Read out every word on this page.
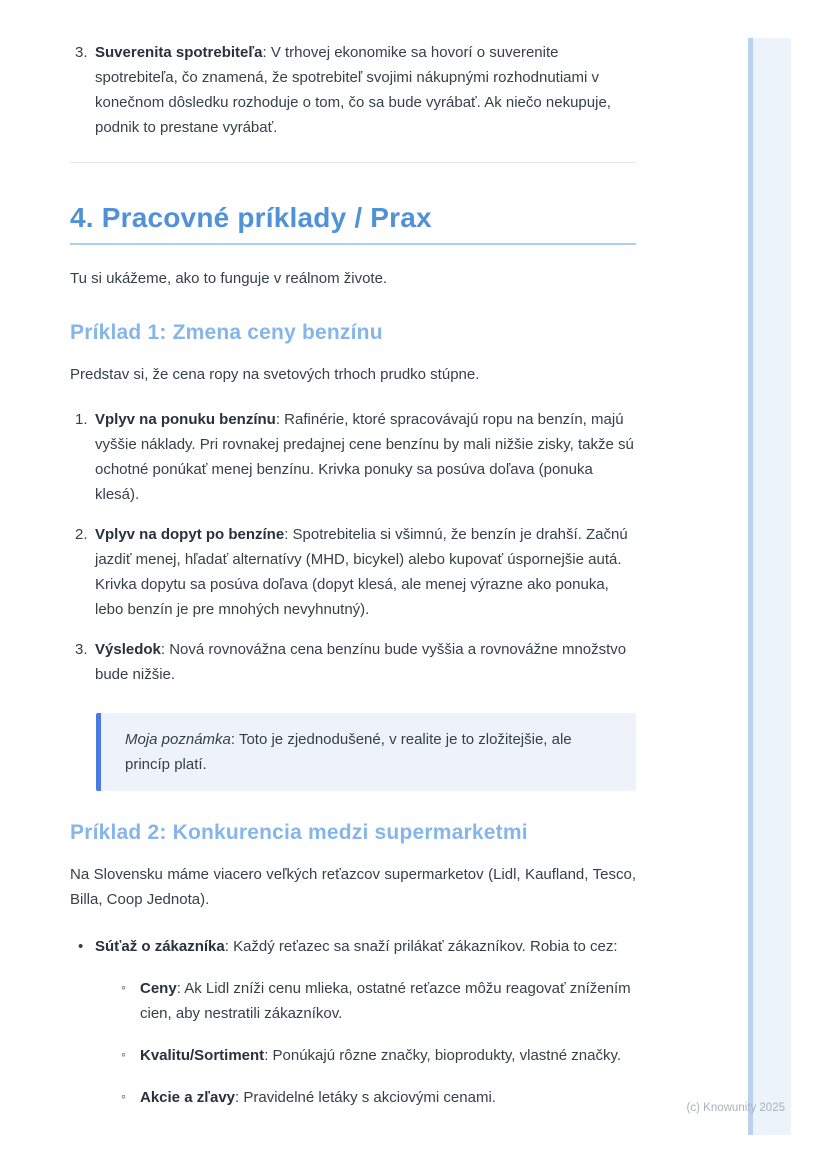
3. Suverenita spotrebiteľa: V trhovej ekonomike sa hovorí o suverenite spotrebiteľa, čo znamená, že spotrebiteľ svojimi nákupnými rozhodnutiami v konečnom dôsledku rozhoduje o tom, čo sa bude vyrábať. Ak niečo nekupuje, podnik to prestane vyrábať.
4. Pracovné príklady / Prax

Tu si ukážeme, ako to funguje v reálnom živote.

Príklad 1: Zmena ceny benzínu

Predstav si, že cena ropy na svetových trhoch prudko stúpne.

1. Vplyv na ponuku benzínu: Rafinérie, ktoré spracovávajú ropu na benzín, majú vyššie náklady. Pri rovnakej predajnej cene benzínu by mali nižšie zisky, takže sú ochotné ponúkať menej benzínu. Krivka ponuky sa posúva doľava (ponuka klesá).
2. Vplyv na dopyt po benzíne: Spotrebitelia si všimnú, že benzín je drahší. Začnú jazdiť menej, hľadať alternatívy (MHD, bicykel) alebo kupovať úspornejšie autá. Krivka dopytu sa posúva doľava (dopyt klesá, ale menej výrazne ako ponuka, lebo benzín je pre mnohých nevyhnutný).
3. Výsledok: Nová rovnovážna cena benzínu bude vyššia a rovnovážne množstvo bude nižšie.
Moja poznámka: Toto je zjednodušené, v realite je to zložitejšie, ale princíp platí.
Príklad 2: Konkurencia medzi supermarketmi

Na Slovensku máme viacero veľkých reťazcov supermarketov (Lidl, Kaufland, Tesco, Billa, Coop Jednota).

• Súťaž o zákazníka: Každý reťazec sa snaží prilákať zákazníkov. Robia to cez:
◦ Ceny: Ak Lidl zníži cenu mlieka, ostatné reťazce môžu reagovať znížením cien, aby nestratili zákazníkov.
◦ Kvalitu/Sortiment: Ponúkajú rôzne značky, bioprodukty, vlastné značky.
◦ Akcie a zľavy: Pravidelné letáky s akciovými cenami.
(c) Knowunity 2025
